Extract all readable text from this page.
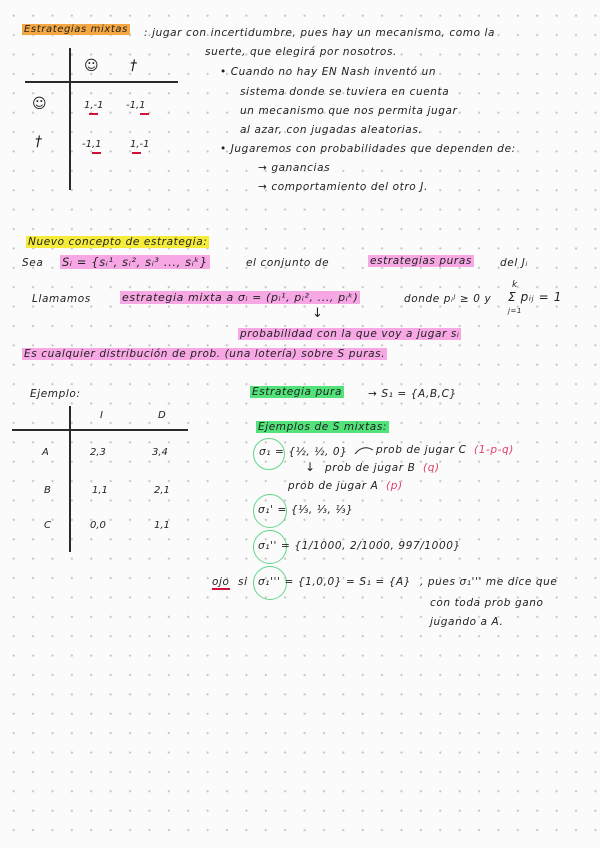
Estrategias mixtas : jugar con incertidumbre, pues hay un mecanismo, como la
suerte, que elegirá por nosotros.
☺ †
☺	1,-1 -1,1
†	-1,1	1,-1
• Cuando no hay EN Nash inventó un
sistema donde se tuviera en cuenta
un mecanismo que nos permita jugar
al azar, con jugadas aleatorias.
• Jugaremos con probabilidades que dependen de:
→ ganancias
→ comportamiento del otro J.
Nuevo concepto de estrategia:
Sea Sᵢ = {sᵢ¹, sᵢ², sᵢ³ ..., sᵢᵏ}	el conjunto de	estrategias puras	del Jᵢ
Llamamos	estrategia mixta a σᵢ = (pᵢ¹, pᵢ², ..., pᵢᵏ)	donde pᵢʲ ≥ 0 y
k
Σ pᵢⱼ = 1
j=1
↓
probabilidad con la que voy a jugar sᵢ
Es cualquier distribución de prob. (una lotería) sobre S puras.
Ejemplo:
I	D
A	2,3	3,4
B	1,1	2,1
C	0,0	1,1
Estrategia pura → S₁ = {A,B,C}
Ejemplos de S mixtas:
σ₁ = {½, ½, 0}	prob de jugar C (1-p-q)
↓ prob de jugar B (q)
prob de jugar A (p)
σ₁' = {⅓, ⅓, ⅓}
σ₁'' = {1/1000, 2/1000, 997/1000}
ojo si σ₁''' = {1,0,0} = S₁ = {A} , pues σ₁''' me dice que
con toda prob gano
jugando a A.
